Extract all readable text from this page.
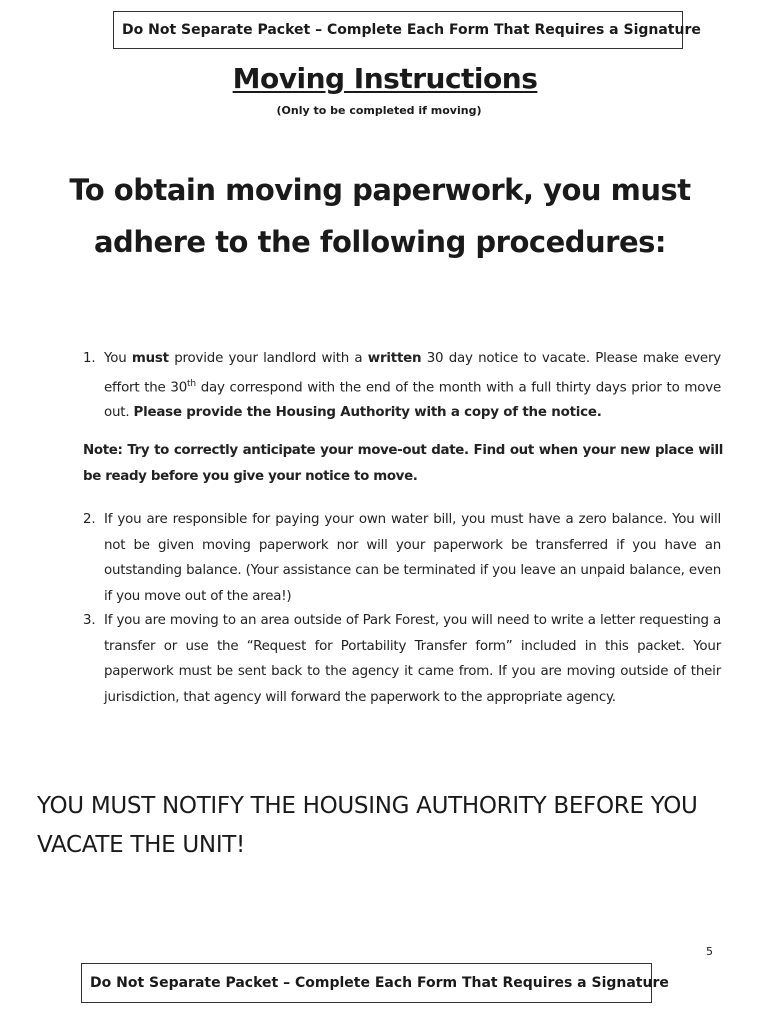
Do Not Separate Packet – Complete Each Form That Requires a Signature
Moving Instructions
(Only to be completed if moving)
To obtain moving paperwork, you must
adhere to the following procedures:
1. You must provide your landlord with a written 30 day notice to vacate. Please make every effort the 30th day correspond with the end of the month with a full thirty days prior to move out. Please provide the Housing Authority with a copy of the notice.
Note: Try to correctly anticipate your move-out date. Find out when your new place will be ready before you give your notice to move.
2. If you are responsible for paying your own water bill, you must have a zero balance. You will not be given moving paperwork nor will your paperwork be transferred if you have an outstanding balance. (Your assistance can be terminated if you leave an unpaid balance, even if you move out of the area!)
3. If you are moving to an area outside of Park Forest, you will need to write a letter requesting a transfer or use the “Request for Portability Transfer form” included in this packet. Your paperwork must be sent back to the agency it came from. If you are moving outside of their jurisdiction, that agency will forward the paperwork to the appropriate agency.
YOU MUST NOTIFY THE HOUSING AUTHORITY BEFORE YOU
VACATE THE UNIT!
5
Do Not Separate Packet – Complete Each Form That Requires a Signature
